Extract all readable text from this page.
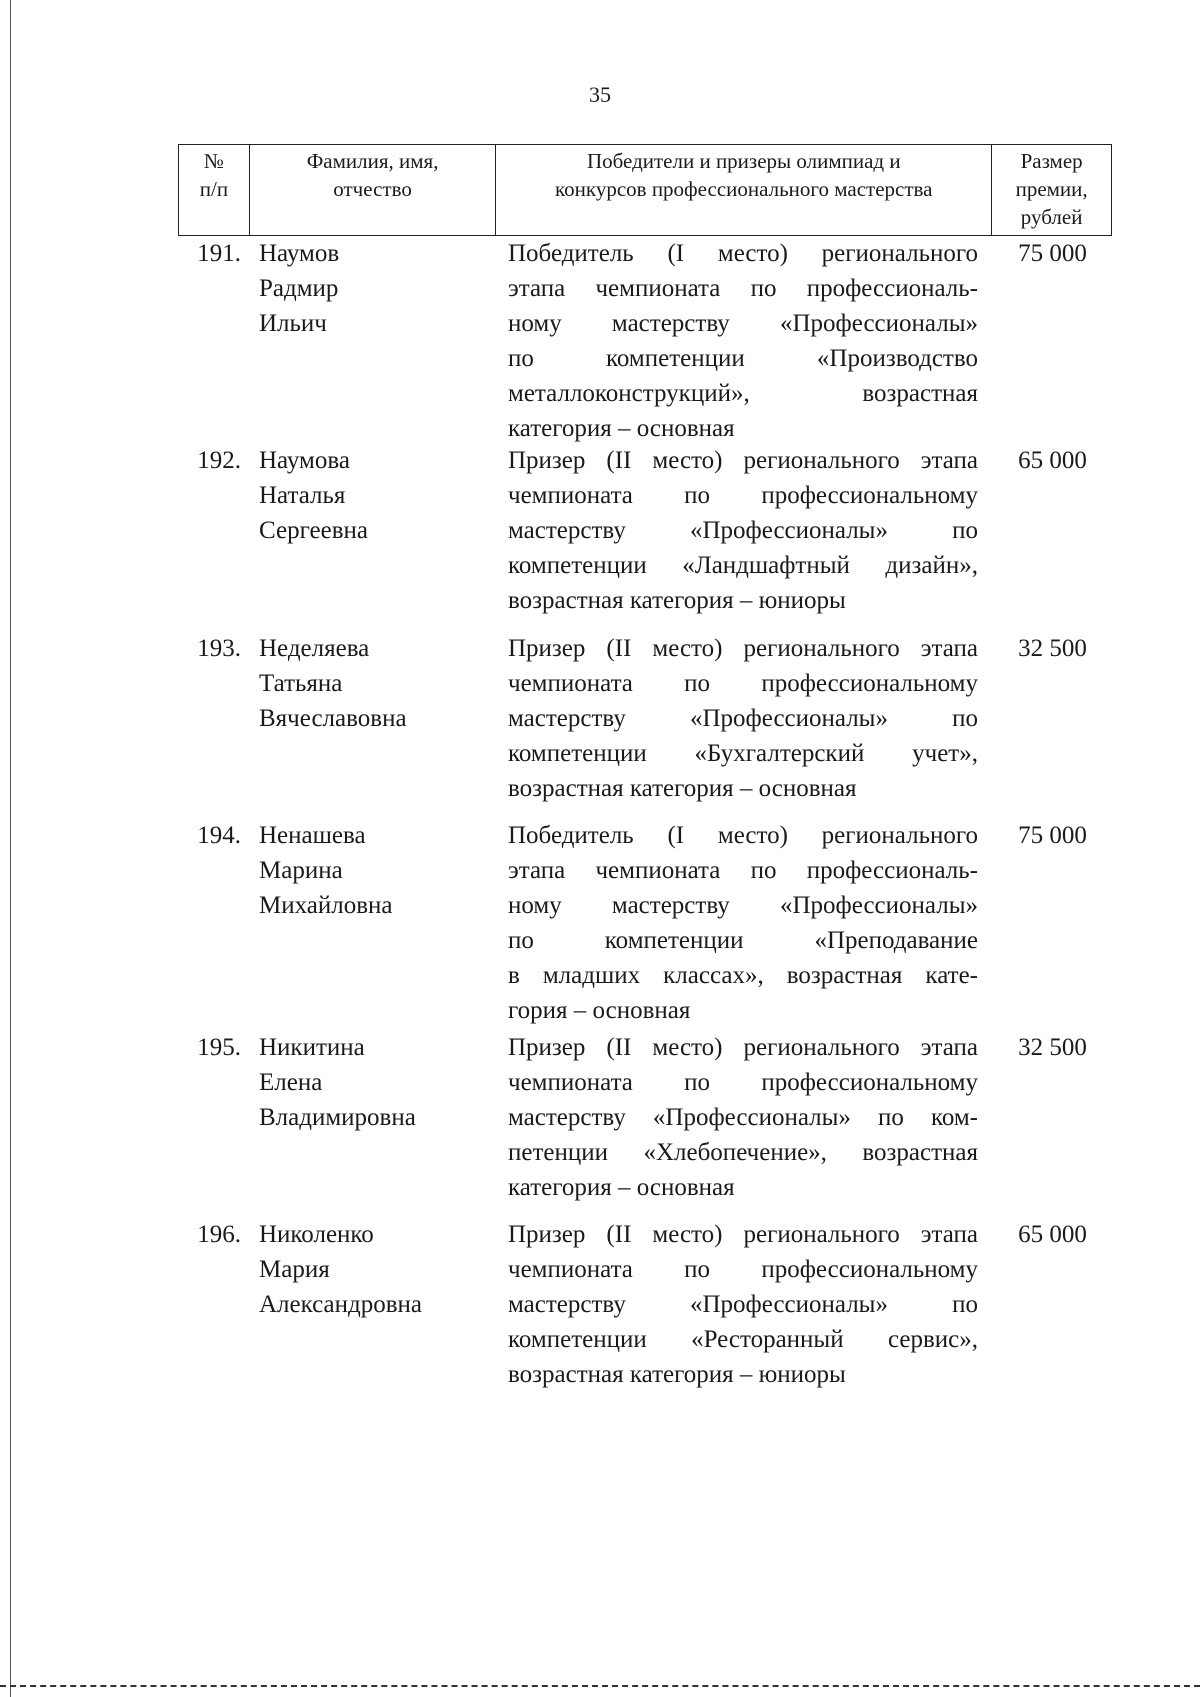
35
№
п/п
Фамилия, имя,
отчество
Победители и призеры олимпиад и
конкурсов профессионального мастерства
Размер
премии,
рублей
191. Наумов
Радмир
Ильич
Победитель (I место) регионального
этапа чемпионата по профессиональ-
ному мастерству «Профессионалы»
по компетенции «Производство
металлоконструкций», возрастная
категория – основная
75 000
192. Наумова
Наталья
Сергеевна
Призер (II место) регионального этапа
чемпионата по профессиональному
мастерству «Профессионалы» по
компетенции «Ландшафтный дизайн»,
возрастная категория – юниоры
65 000
193. Неделяева
Татьяна
Вячеславовна
Призер (II место) регионального этапа
чемпионата по профессиональному
мастерству «Профессионалы» по
компетенции «Бухгалтерский учет»,
возрастная категория – основная
32 500
194. Ненашева
Марина
Михайловна
Победитель (I место) регионального
этапа чемпионата по профессиональ-
ному мастерству «Профессионалы»
по компетенции «Преподавание
в младших классах», возрастная кате-
гория – основная
75 000
195. Никитина
Елена
Владимировна
Призер (II место) регионального этапа
чемпионата по профессиональному
мастерству «Профессионалы» по ком-
петенции «Хлебопечение», возрастная
категория – основная
32 500
196. Николенко
Мария
Александровна
Призер (II место) регионального этапа
чемпионата по профессиональному
мастерству «Профессионалы» по
компетенции «Ресторанный сервис»,
возрастная категория – юниоры
65 000
